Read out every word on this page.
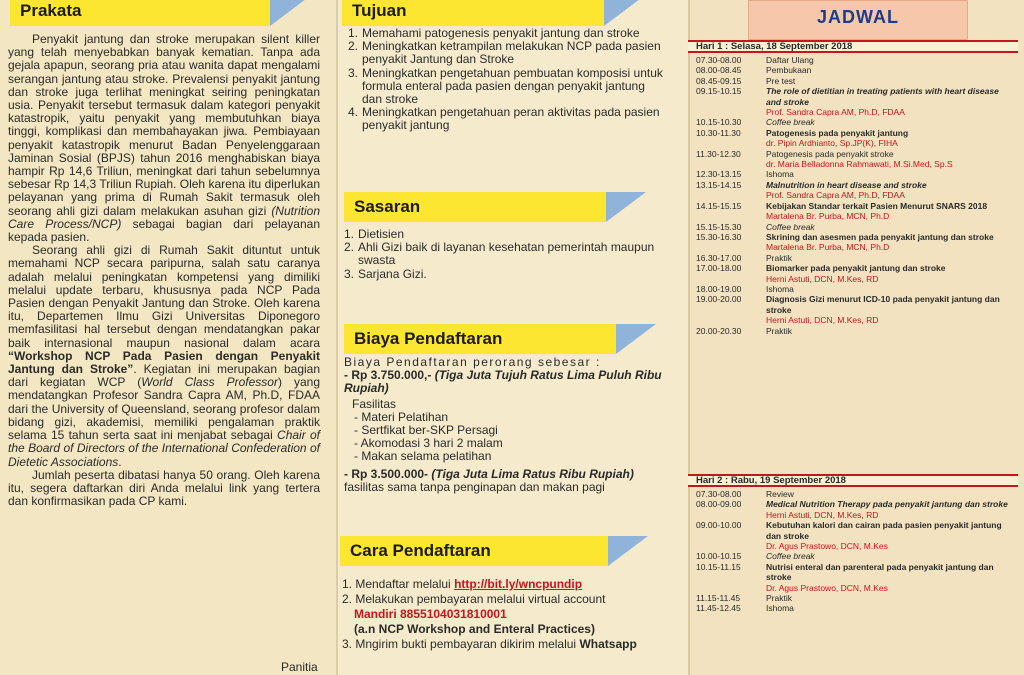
Prakata

Penyakit jantung dan stroke merupakan silent killer yang telah menyebabkan banyak kematian. Tanpa ada gejala apapun, seorang pria atau wanita dapat mengalami serangan jantung atau stroke. Prevalensi penyakit jantung dan stroke juga terlihat meningkat seiring peningkatan usia. Penyakit tersebut termasuk dalam kategori penyakit katastropik, yaitu penyakit yang membutuhkan biaya tinggi, komplikasi dan membahayakan jiwa. Pembiayaan penyakit katastropik menurut Badan Penyelenggaraan Jaminan Sosial (BPJS) tahun 2016 menghabiskan biaya hampir Rp 14,6 Triliun, meningkat dari tahun sebelumnya sebesar Rp 14,3 Triliun Rupiah. Oleh karena itu diperlukan pelayanan yang prima di Rumah Sakit termasuk oleh seorang ahli gizi dalam melakukan asuhan gizi (Nutrition Care Process/NCP) sebagai bagian dari pelayanan kepada pasien.

Seorang ahli gizi di Rumah Sakit dituntut untuk memahami NCP secara paripurna, salah satu caranya adalah melalui peningkatan kompetensi yang dimiliki melalui update terbaru, khususnya pada NCP Pada Pasien dengan Penyakit Jantung dan Stroke. Oleh karena itu, Departemen Ilmu Gizi Universitas Diponegoro memfasilitasi hal tersebut dengan mendatangkan pakar baik internasional maupun nasional dalam acara “Workshop NCP Pada Pasien dengan Penyakit Jantung dan Stroke”. Kegiatan ini merupakan bagian dari kegiatan WCP (World Class Professor) yang mendatangkan Profesor Sandra Capra AM, Ph.D, FDAA dari the University of Queensland, seorang profesor dalam bidang gizi, akademisi, memiliki pengalaman praktik selama 15 tahun serta saat ini menjabat sebagai Chair of the Board of Directors of the International Confederation of Dietetic Associations.

Jumlah peserta dibatasi hanya 50 orang. Oleh karena itu, segera daftarkan diri Anda melalui link yang tertera dan konfirmasikan pada CP kami.

Panitia
Tujuan
1. Memahami patogenesis penyakit jantung dan stroke
2. Meningkatkan ketrampilan melakukan NCP pada pasien penyakit Jantung dan Stroke
3. Meningkatkan pengetahuan pembuatan komposisi untuk formula enteral pada pasien dengan penyakit jantung dan stroke
4. Meningkatkan pengetahuan peran aktivitas pada pasien penyakit jantung
Sasaran
1. Dietisien
2. Ahli Gizi baik di layanan kesehatan pemerintah maupun swasta
3. Sarjana Gizi.
Biaya Pendaftaran

Biaya Pendaftaran perorang sebesar :

- Rp 3.750.000,- (Tiga Juta Tujuh Ratus Lima Puluh Ribu Rupiah)

Fasilitas

- Materi Pelatihan

- Sertfikat ber-SKP Persagi

- Akomodasi 3 hari 2 malam

- Makan selama pelatihan

- Rp 3.500.000- (Tiga Juta Lima Ratus Ribu Rupiah)

fasilitas sama tanpa penginapan dan makan pagi

Cara Pendaftaran

1. Mendaftar melalui http://bit.ly/wncpundip

2. Melakukan pembayaran melalui virtual account

Mandiri 8855104031810001

(a.n NCP Workshop and Enteral Practices)

3. Mngirim bukti pembayaran dikirim melalui Whatsapp

JADWAL
Hari 1 : Selasa, 18 September 2018
07.30-08.00	Daftar Ulang
08.00-08.45	Pembukaan
08.45-09.15	Pre test
09.15-10.15	The role of dietitian in treating patients with heart disease and stroke
Prof. Sandra Capra AM, Ph.D, FDAA
10.15-10.30	Coffee break
10.30-11.30	Patogenesis pada penyakit jantung
dr. Pipin Ardhianto, Sp.JP(K), FIHA
11.30-12.30	Patogenesis pada penyakit stroke
dr. Maria Belladonna Rahmawati, M.Si.Med, Sp.S
12.30-13.15	Ishoma
13.15-14.15	Malnutrition in heart disease and stroke
Prof. Sandra Capra AM, Ph.D, FDAA
14.15-15.15	Kebijakan Standar terkait Pasien Menurut SNARS 2018
Martalena Br. Purba, MCN, Ph.D
15.15-15.30	Coffee break
15.30-16.30	Skrining dan asesmen pada penyakit jantung dan stroke
Martalena Br. Purba, MCN, Ph.D
16.30-17.00	Praktik
17.00-18.00	Biomarker pada penyakit jantung dan stroke
Herni Astuti, DCN, M.Kes, RD
18.00-19.00	Ishoma
19.00-20.00	Diagnosis Gizi menurut ICD-10 pada penyakit jantung dan stroke
Herni Astuti, DCN, M.Kes, RD
20.00-20.30	Praktik
Hari 2 : Rabu, 19 September 2018
07.30-08.00	Review
08.00-09.00	Medical Nutrition Therapy pada penyakit jantung dan stroke
Herni Astuti, DCN, M.Kes, RD
09.00-10.00	Kebutuhan kalori dan cairan pada pasien penyakit jantung dan stroke
Dr. Agus Prastowo, DCN, M.Kes
10.00-10.15	Coffee break
10.15-11.15	Nutrisi enteral dan parenteral pada penyakit jantung dan stroke
Dr. Agus Prastowo, DCN, M.Kes
11.15-11.45	Praktik
11.45-12.45	Ishoma
